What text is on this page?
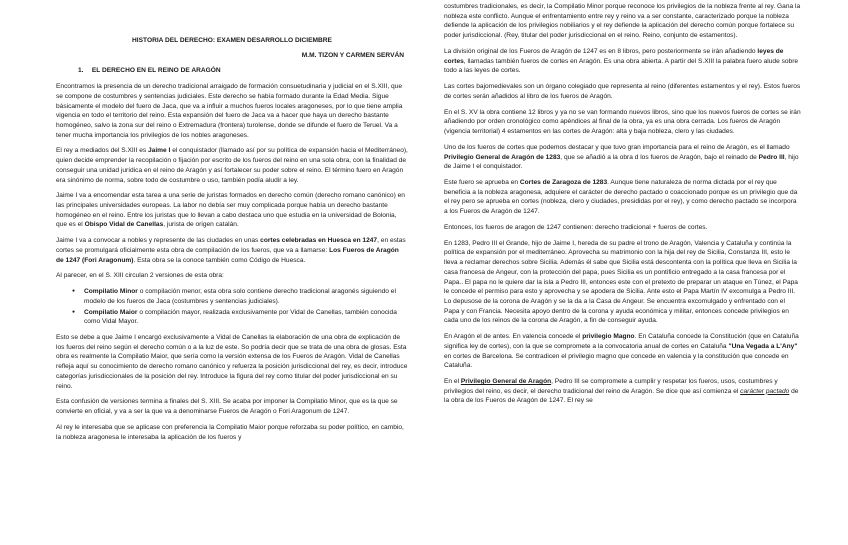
HISTORIA DEL DERECHO: EXAMEN DESARROLLO DICIEMBRE

M.M. TIZON Y CARMEN SERVÁN

1. EL DERECHO EN EL REINO DE ARAGÓN

Encontramos la presencia de un derecho tradicional arraigado de formación consuetudinaria y judicial en el S.XIII, que se compone de costumbres y sentencias judiciales. Este derecho se había formado durante la Edad Media. Sigue básicamente el modelo del fuero de Jaca, que va a influir a muchos fueros locales aragoneses, por lo que tiene amplia vigencia en todo el territorio del reino. Esta expansión del fuero de Jaca va a hacer que haya un derecho bastante homogéneo, salvo la zona sur del reino o Extremadura (frontera) turolense, donde se difunde el fuero de Teruel. Va a tener mucha importancia los privilegios de los nobles aragoneses.

El rey a mediados del S.XIII es Jaime I el conquistador (llamado así por su política de expansión hacia el Mediterráneo), quien decide emprender la recopilación o fijación por escrito de los fueros del reino en una sola obra, con la finalidad de conseguir una unidad jurídica en el reino de Aragón y así fortalecer su poder sobre el reino. El término fuero en Aragón era sinónimo de norma, sobre todo de costumbre o uso, también podía aludir a ley.

Jaime I va a encomendar esta tarea a una serie de juristas formados en derecho común (derecho romano canónico) en las principales universidades europeas. La labor no debía ser muy complicada porque había un derecho bastante homogéneo en el reino. Entre los juristas que lo llevan a cabo destaca uno que estudia en la universidad de Bolonia, que es el Obispo Vidal de Canellas, jurista de origen catalán.

Jaime I va a convocar a nobles y represente de las ciudades en unas cortes celebradas en Huesca en 1247, en estas cortes se promulgará oficialmente esta obra de compilación de los fueros, que va a llamarse: Los Fueros de Aragón de 1247 (Fori Aragonum). Esta obra se la conoce también como Código de Huesca.

Al parecer, en el S. XIII circulan 2 versiones de esta obra:

● Compilatio Minor o compilación menor, esta obra solo contiene derecho tradicional aragonés siguiendo el modelo de los fueros de Jaca (costumbres y sentencias judiciales).
● Compilatio Maior o compilación mayor, realizada exclusivamente por Vidal de Canellas, también conocida como Vidal Mayor.

Esto se debe a que Jaime I encargó exclusivamente a Vidal de Canellas la elaboración de una obra de explicación de los fueros del reino según el derecho común o a la luz de este. So podría decir que se trata de una obra de glosas. Esta obra es realmente la Compilatio Maior, que sería como la versión extensa de los Fueros de Aragón. Vidal de Canellas refleja aquí su conocimiento de derecho romano canónico y refuerza la posición jurisdiccional del rey, es decir, introduce categorías jurisdiccionales de la posición del rey. Introduce la figura del rey como titular del poder jurisdiccional en su reino.

Esta confusión de versiones termina a finales del S. XIII. Se acaba por imponer la Compilatio Minor, que es la que se convierte en oficial, y va a ser la que va a denominarse Fueros de Aragón o Fori Aragonum de 1247.

Al rey le interesaba que se aplicase con preferencia la Compilatio Maior porque reforzaba su poder político, en cambio, la nobleza aragonesa le interesaba la aplicación de los fueros y

costumbres tradicionales, es decir, la Compilatio Minor porque reconoce los privilegios de la nobleza frente al rey. Gana la nobleza este conflicto. Aunque el enfrentamiento entre rey y reino va a ser constante, caracterizado porque la nobleza defiende la aplicación de los privilegios nobiliarios y el rey defiende la aplicación del derecho común porque fortalece su poder jurisdiccional. (Rey, titular del poder jurisdiccional en el reino. Reino, conjunto de estamentos).

La división original de los Fueros de Aragón de 1247 es en 8 libros, pero posteriormente se irán añadiendo leyes de cortes, llamadas también fueros de cortes en Aragón. Es una obra abierta. A partir del S.XIII la palabra fuero alude sobre todo a las leyes de cortes.

Las cortes bajomedievales son un órgano colegiado que representa al reino (diferentes estamentos y el rey). Estos fueros de cortes serán añadidos al libro de los fueros de Aragón.

En el S. XV la obra contiene 12 libros y ya no se van formando nuevos libros, sino que los nuevos fueros de cortes se irán añadiendo por orden cronológico como apéndices al final de la obra, ya es una obra cerrada. Los fueros de Aragón (vigencia territorial) 4 estamentos en las cortes de Aragón: alta y baja nobleza, clero y las ciudades.

Uno de los fueros de cortes que podemos destacar y que tuvo gran importancia para el reino de Aragón, es el llamado Privilegio General de Aragón de 1283, que se añadió a la obra d los fueros de Aragón, bajo el reinado de Pedro III, hijo de Jaime I el conquistador.

Este fuero se aprueba en Cortes de Zaragoza de 1283. Aunque tiene naturaleza de norma dictada por el rey que beneficia a la nobleza aragonesa, adquiere el carácter de derecho pactado o coaccionado porque es un privilegio que da el rey pero se aprueba en cortes (nobleza, clero y ciudades, presididas por el rey), y como derecho pactado se incorpora a los Fueros de Aragón de 1247.

Entonces, los fueros de aragon de 1247 contienen: derecho tradicional + fueros de cortes.

En 1283, Pedro III el Grande, hijo de Jaime I, hereda de su padre el trono de Aragón, Valencia y Cataluña y continúa la política de expansión por el mediterráneo. Aprovecha su matrimonio con la hija del rey de Sicilia, Constanza III, esto le lleva a reclamar derechos sobre Sicilia. Además él sabe que Sicilia está descontenta con la política que lleva en Sicilia la casa francesa de Angeur, con la protección del papa, pues Sicilia es un pontificio entregado a la casa francesa por el Papa.. El papa no le quiere dar la isla a Pedro III, entonces este con el pretexto de preparar un ataque en Túnez, el Papa le concede el permiso para esto y aprovecha y se apodera de Sicilia. Ante esto el Papa Martín IV excomulga a Pedro III. Lo depusose de la corona de Aragón y se la da a la Casa de Angeur. Se encuentra excomulgado y enfrentado con el Papa y con Francia. Necesita apoyo dentro de la corona y ayuda económica y militar, entonces concede privilegios en cada uno de los reinos de la corona de Aragón, a fin de conseguir ayuda.

En Aragón el de antes. En valencia concede el privilegio Magno. En Cataluña concede la Constitución (que en Cataluña significa ley de cortes), con la que se compromete a la convocatoria anual de cortes en Cataluña "Una Vegada a L'Any" en cortes de Barcelona. Se contradicen el privilegio magno que concede en valencia y la constitución que concede en Cataluña.

En el Privilegio General de Aragón, Pedro III se compromete a cumplir y respetar los fueros, usos, costumbres y privilegios del reino, es decir, el derecho tradicional del reino de Aragón. Se dice que así comienza el carácter pactado de la obra de los Fueros de Aragón de 1247. El rey se
